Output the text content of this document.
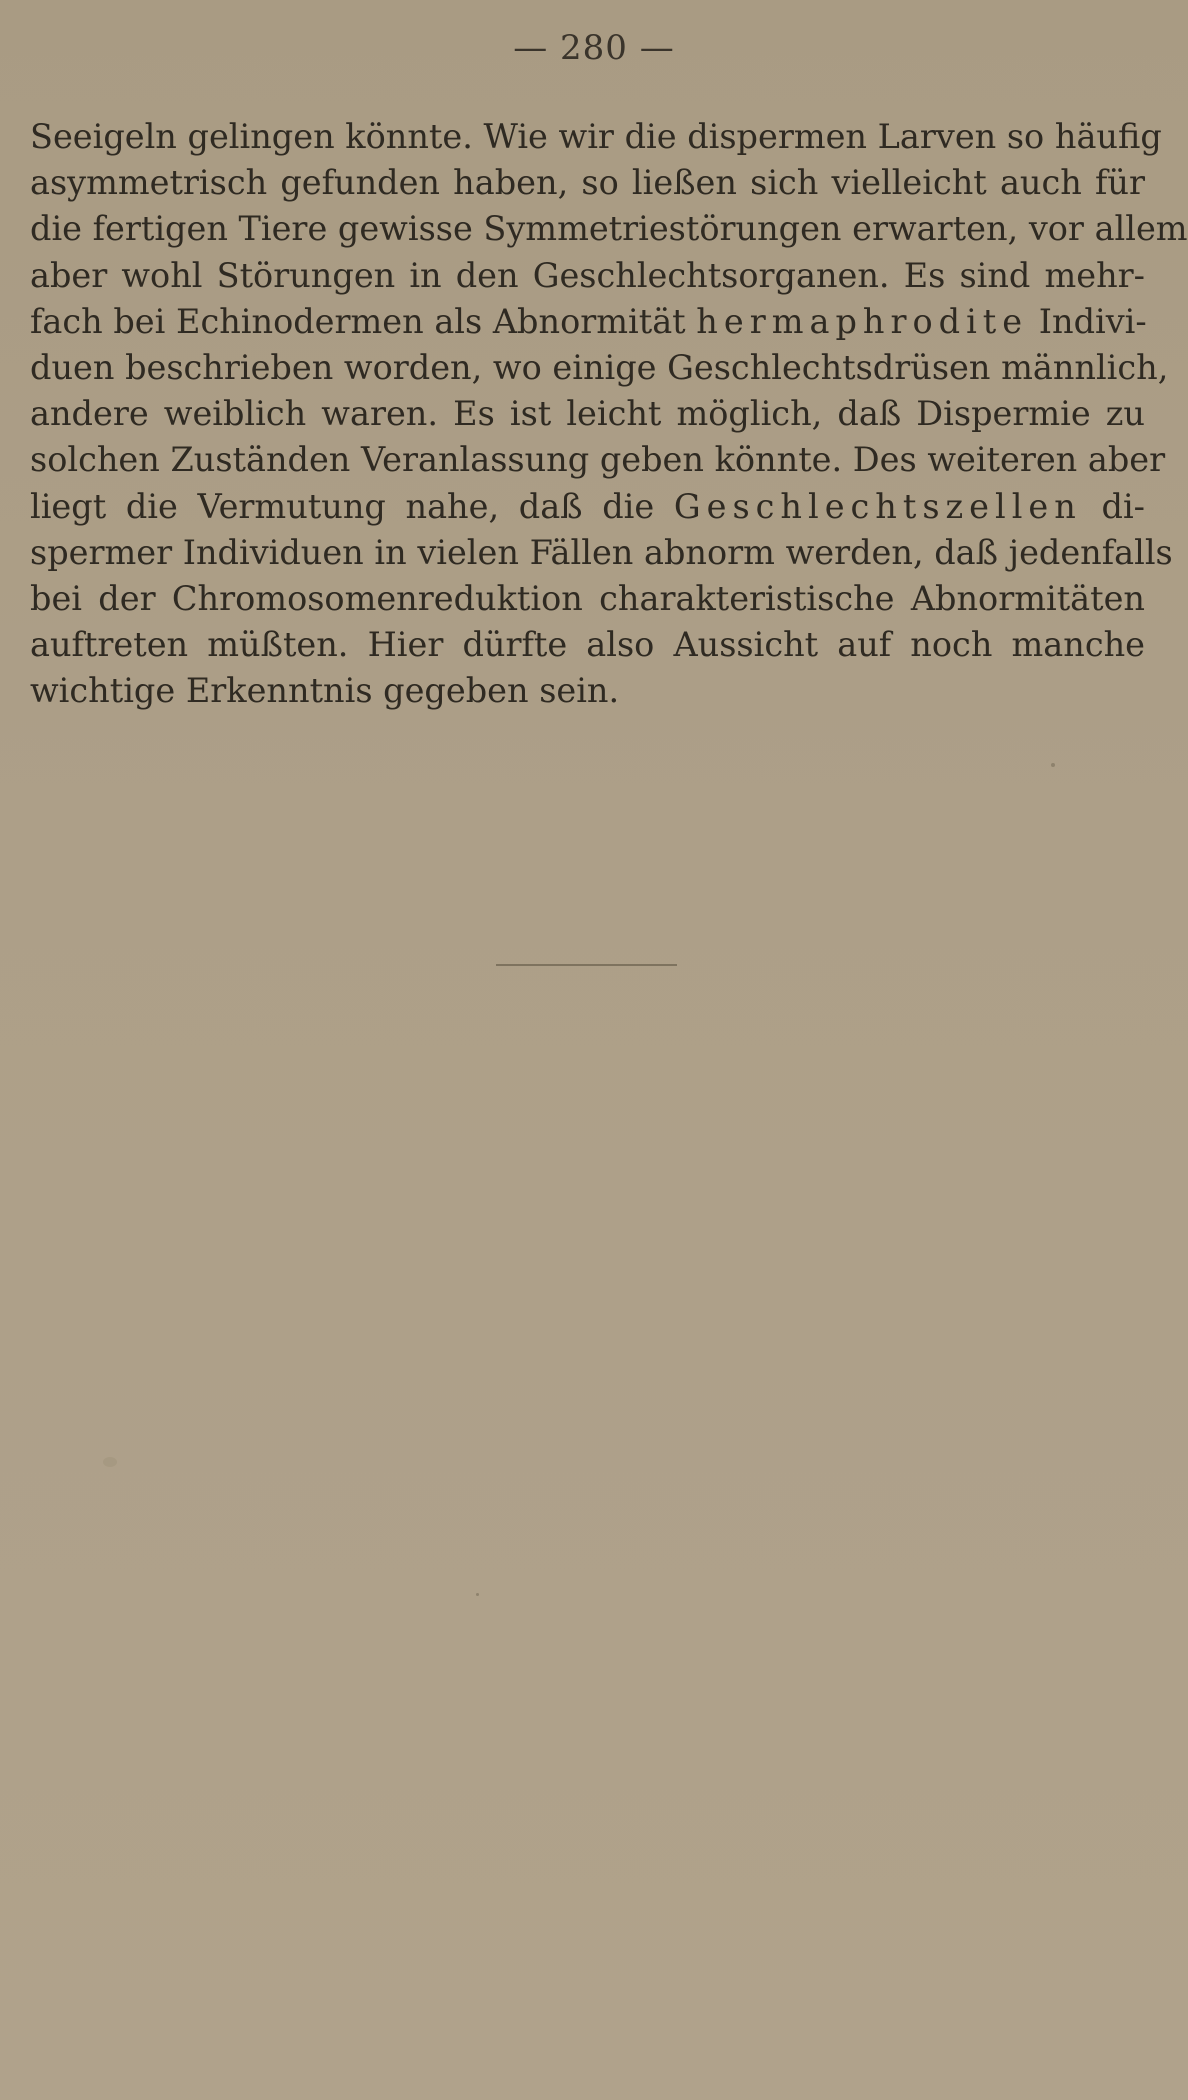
— 280 —
Seeigeln gelingen könnte. Wie wir die dispermen Larven so häufig
asymmetrisch gefunden haben, so ließen sich vielleicht auch für
die fertigen Tiere gewisse Symmetriestörungen erwarten, vor allem
aber wohl Störungen in den Geschlechtsorganen. Es sind mehr-
fach bei Echinodermen als Abnormität hermaphrodite Indivi-
duen beschrieben worden, wo einige Geschlechtsdrüsen männlich,
andere weiblich waren. Es ist leicht möglich, daß Dispermie zu
solchen Zuständen Veranlassung geben könnte. Des weiteren aber
liegt die Vermutung nahe, daß die Geschlechtszellen di-
spermer Individuen in vielen Fällen abnorm werden, daß jedenfalls
bei der Chromosomenreduktion charakteristische Abnormitäten
auftreten müßten. Hier dürfte also Aussicht auf noch manche
wichtige Erkenntnis gegeben sein.
